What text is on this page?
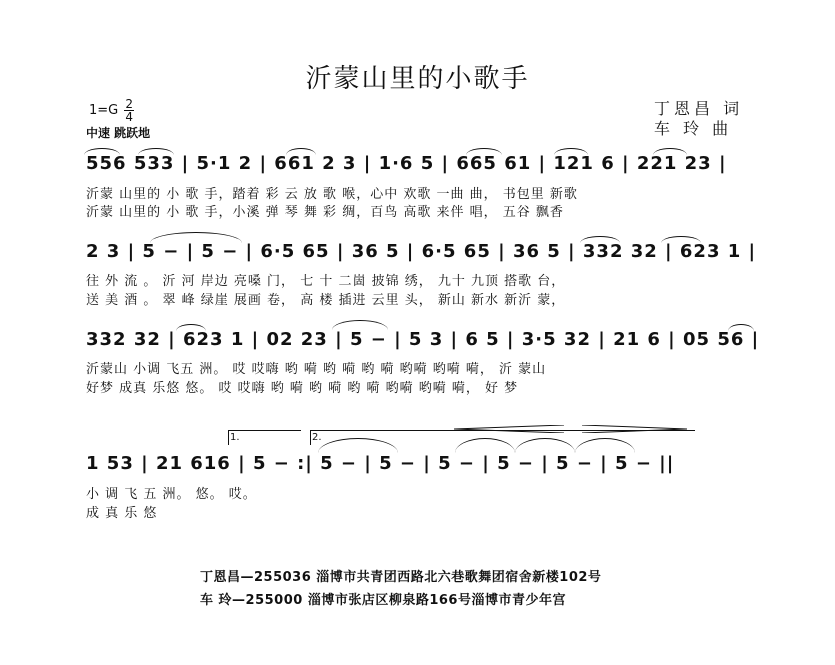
沂蒙山里的小歌手
丁恩昌 词
车 玲 曲
$1=G \frac{2}{4}$
中速 跳跃地
556 533 | 5·1 2 | 661 2 3 | 1·6 5 | 665 61 | 121 6 | 221 23 |
沂蒙 山里的 小 歌 手，踏着 彩 云 放 歌 喉，心中 欢歌 一曲 曲， 书包里 新歌
沂蒙 山里的 小 歌 手，小溪 弹 琴 舞 彩 绸，百鸟 高歌 来伴 唱， 五谷 飘香
2 3 | 5 − | 5 − | 6·5 65 | 36 5 | 6·5 65 | 36 5 | 332 32 | 623 1 |
往 外 流 。 沂 河 岸边 亮嗓 门， 七 十 二崮 披锦 绣， 九十 九顶 搭歌 台，
送 美 酒 。 翠 峰 绿崖 展画 卷， 高 楼 插进 云里 头， 新山 新水 新沂 蒙，
332 32 | 623 1 | 02 23 | 5 − | 5 3 | 6 5 | 3·5 32 | 21 6 | 05 56 |
沂蒙山 小调 飞五 洲。 哎 哎嗨 哟 嗬 哟 嗬 哟 嗬 哟嗬 哟嗬 嗬， 沂 蒙山
好梦 成真 乐悠 悠。 哎 哎嗨 哟 嗬 哟 嗬 哟 嗬 哟嗬 哟嗬 嗬， 好 梦
1 53 | 21 616 | 5 − :| 5 − | 5 − | 5 − | 5 − | 5 − | 5 − ||
小 调 飞 五 洲。 悠。 哎。
成 真 乐 悠
1.	2.
丁恩昌—255036 淄博市共青团西路北六巷歌舞团宿舍新楼102号
车 玲—255000 淄博市张店区柳泉路166号淄博市青少年宫
